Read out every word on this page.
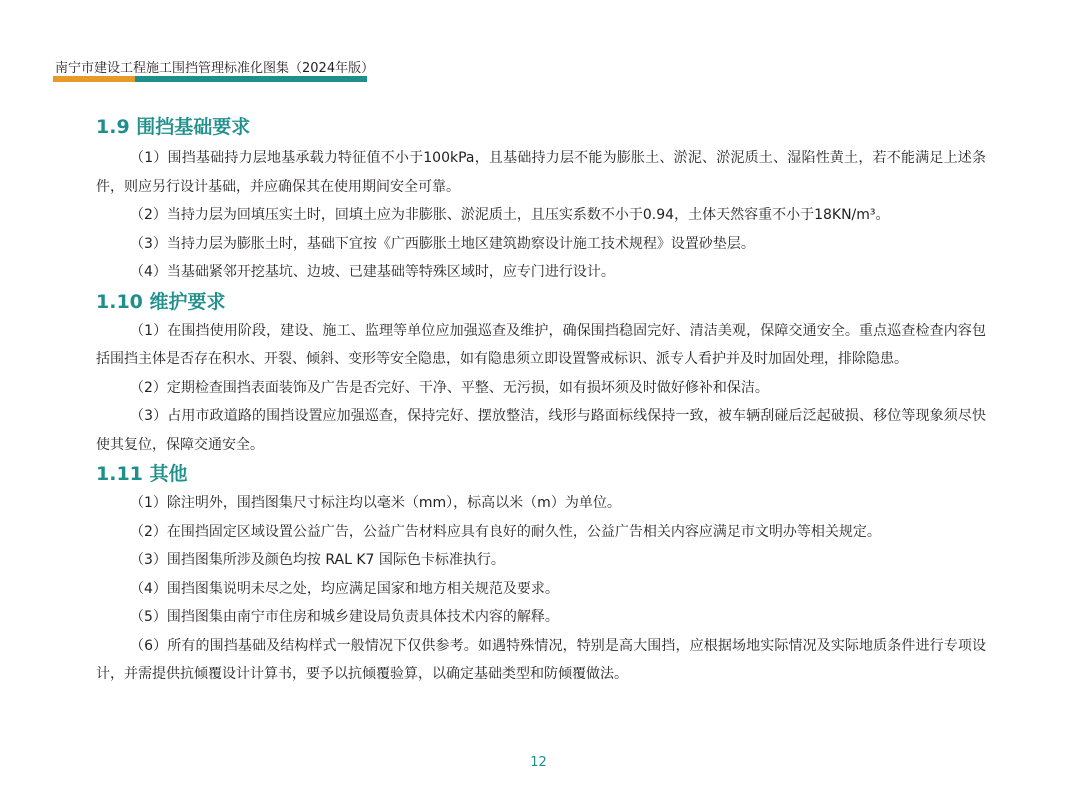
南宁市建设工程施工围挡管理标准化图集（2024年版）
1.9 围挡基础要求
（1）围挡基础持力层地基承载力特征值不小于100kPa，且基础持力层不能为膨胀土、淤泥、淤泥质土、湿陷性黄土，若不能满足上述条件，则应另行设计基础，并应确保其在使用期间安全可靠。
（2）当持力层为回填压实土时，回填土应为非膨胀、淤泥质土，且压实系数不小于0.94，土体天然容重不小于18KN/m³。
（3）当持力层为膨胀土时，基础下宜按《广西膨胀土地区建筑勘察设计施工技术规程》设置砂垫层。
（4）当基础紧邻开挖基坑、边坡、已建基础等特殊区域时，应专门进行设计。
1.10 维护要求
（1）在围挡使用阶段，建设、施工、监理等单位应加强巡查及维护，确保围挡稳固完好、清洁美观，保障交通安全。重点巡查检查内容包括围挡主体是否存在积水、开裂、倾斜、变形等安全隐患，如有隐患须立即设置警戒标识、派专人看护并及时加固处理，排除隐患。
（2）定期检查围挡表面装饰及广告是否完好、干净、平整、无污损，如有损坏须及时做好修补和保洁。
（3）占用市政道路的围挡设置应加强巡查，保持完好、摆放整洁，线形与路面标线保持一致，被车辆刮碰后泛起破损、移位等现象须尽快使其复位，保障交通安全。
1.11 其他
（1）除注明外，围挡图集尺寸标注均以毫米（mm），标高以米（m）为单位。
（2）在围挡固定区域设置公益广告，公益广告材料应具有良好的耐久性，公益广告相关内容应满足市文明办等相关规定。
（3）围挡图集所涉及颜色均按 RAL K7 国际色卡标准执行。
（4）围挡图集说明未尽之处，均应满足国家和地方相关规范及要求。
（5）围挡图集由南宁市住房和城乡建设局负责具体技术内容的解释。
（6）所有的围挡基础及结构样式一般情况下仅供参考。如遇特殊情况，特别是高大围挡，应根据场地实际情况及实际地质条件进行专项设计，并需提供抗倾覆设计计算书，要予以抗倾覆验算，以确定基础类型和防倾覆做法。
12
